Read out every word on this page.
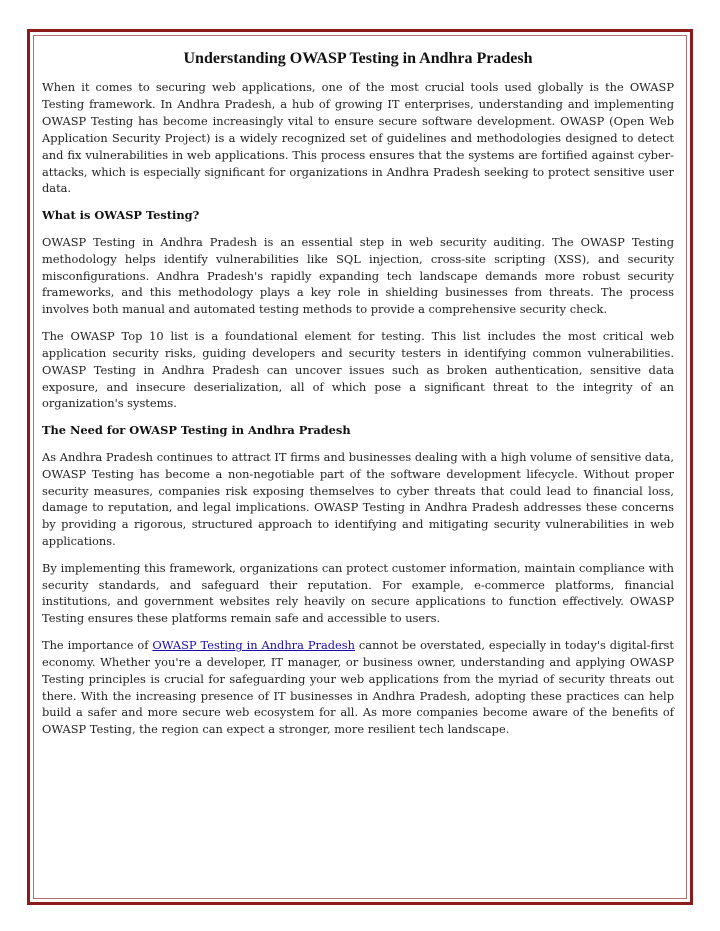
Understanding OWASP Testing in Andhra Pradesh

When it comes to securing web applications, one of the most crucial tools used globally is the OWASP Testing framework. In Andhra Pradesh, a hub of growing IT enterprises, understanding and implementing OWASP Testing has become increasingly vital to ensure secure software development. OWASP (Open Web Application Security Project) is a widely recognized set of guidelines and methodologies designed to detect and fix vulnerabilities in web applications. This process ensures that the systems are fortified against cyber-attacks, which is especially significant for organizations in Andhra Pradesh seeking to protect sensitive user data.

What is OWASP Testing?

OWASP Testing in Andhra Pradesh is an essential step in web security auditing. The OWASP Testing methodology helps identify vulnerabilities like SQL injection, cross-site scripting (XSS), and security misconfigurations. Andhra Pradesh's rapidly expanding tech landscape demands more robust security frameworks, and this methodology plays a key role in shielding businesses from threats. The process involves both manual and automated testing methods to provide a comprehensive security check.

The OWASP Top 10 list is a foundational element for testing. This list includes the most critical web application security risks, guiding developers and security testers in identifying common vulnerabilities. OWASP Testing in Andhra Pradesh can uncover issues such as broken authentication, sensitive data exposure, and insecure deserialization, all of which pose a significant threat to the integrity of an organization's systems.

The Need for OWASP Testing in Andhra Pradesh

As Andhra Pradesh continues to attract IT firms and businesses dealing with a high volume of sensitive data, OWASP Testing has become a non-negotiable part of the software development lifecycle. Without proper security measures, companies risk exposing themselves to cyber threats that could lead to financial loss, damage to reputation, and legal implications. OWASP Testing in Andhra Pradesh addresses these concerns by providing a rigorous, structured approach to identifying and mitigating security vulnerabilities in web applications.

By implementing this framework, organizations can protect customer information, maintain compliance with security standards, and safeguard their reputation. For example, e-commerce platforms, financial institutions, and government websites rely heavily on secure applications to function effectively. OWASP Testing ensures these platforms remain safe and accessible to users.

The importance of OWASP Testing in Andhra Pradesh cannot be overstated, especially in today's digital-first economy. Whether you're a developer, IT manager, or business owner, understanding and applying OWASP Testing principles is crucial for safeguarding your web applications from the myriad of security threats out there. With the increasing presence of IT businesses in Andhra Pradesh, adopting these practices can help build a safer and more secure web ecosystem for all. As more companies become aware of the benefits of OWASP Testing, the region can expect a stronger, more resilient tech landscape.
